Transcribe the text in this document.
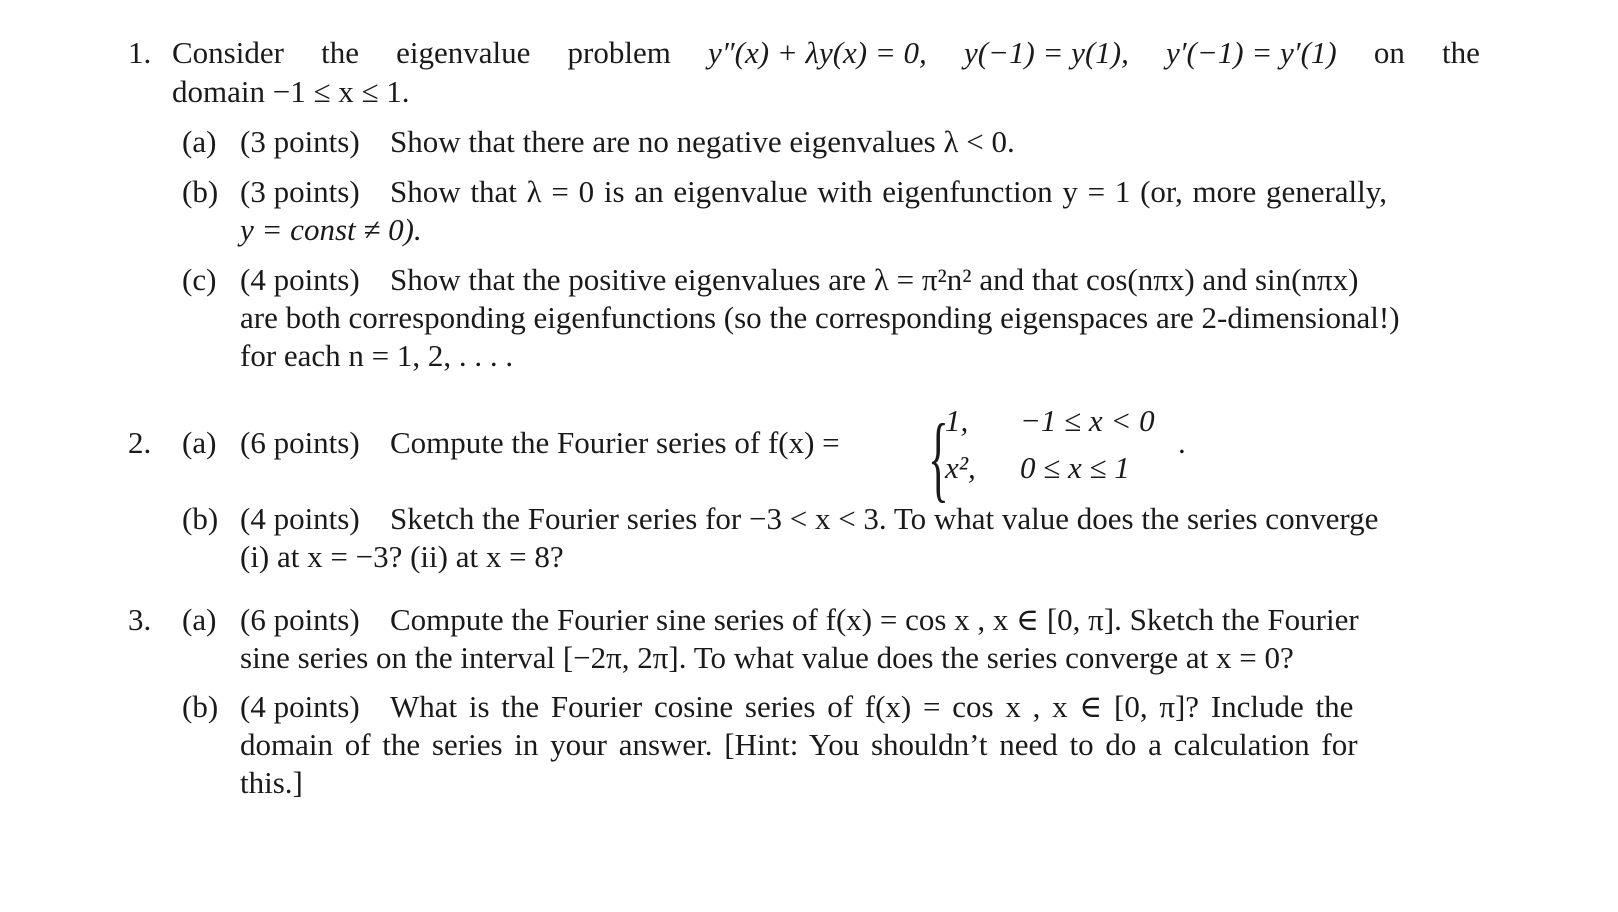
1. Consider the eigenvalue problem y″(x) + λy(x) = 0, y(−1) = y(1), y′(−1) = y′(1) on the
domain −1 ≤ x ≤ 1.
(a) (3 points) Show that there are no negative eigenvalues λ < 0.
(b) (3 points) Show that λ = 0 is an eigenvalue with eigenfunction y = 1 (or, more generally,
y = const ≠ 0).
(c) (4 points) Show that the positive eigenvalues are λ = π²n² and that cos(nπx) and sin(nπx)
are both corresponding eigenfunctions (so the corresponding eigenspaces are 2-dimensional!)
for each n = 1, 2, . . . .
2. (a) (6 points) Compute the Fourier series of f(x) = {
1, −1 ≤ x < 0
x², 0 ≤ x ≤ 1
.
(b) (4 points) Sketch the Fourier series for −3 < x < 3. To what value does the series converge
(i) at x = −3? (ii) at x = 8?
3. (a) (6 points) Compute the Fourier sine series of f(x) = cos x , x ∈ [0, π]. Sketch the Fourier
sine series on the interval [−2π, 2π]. To what value does the series converge at x = 0?
(b) (4 points) What is the Fourier cosine series of f(x) = cos x , x ∈ [0, π]? Include the
domain of the series in your answer. [Hint: You shouldn’t need to do a calculation for
this.]
